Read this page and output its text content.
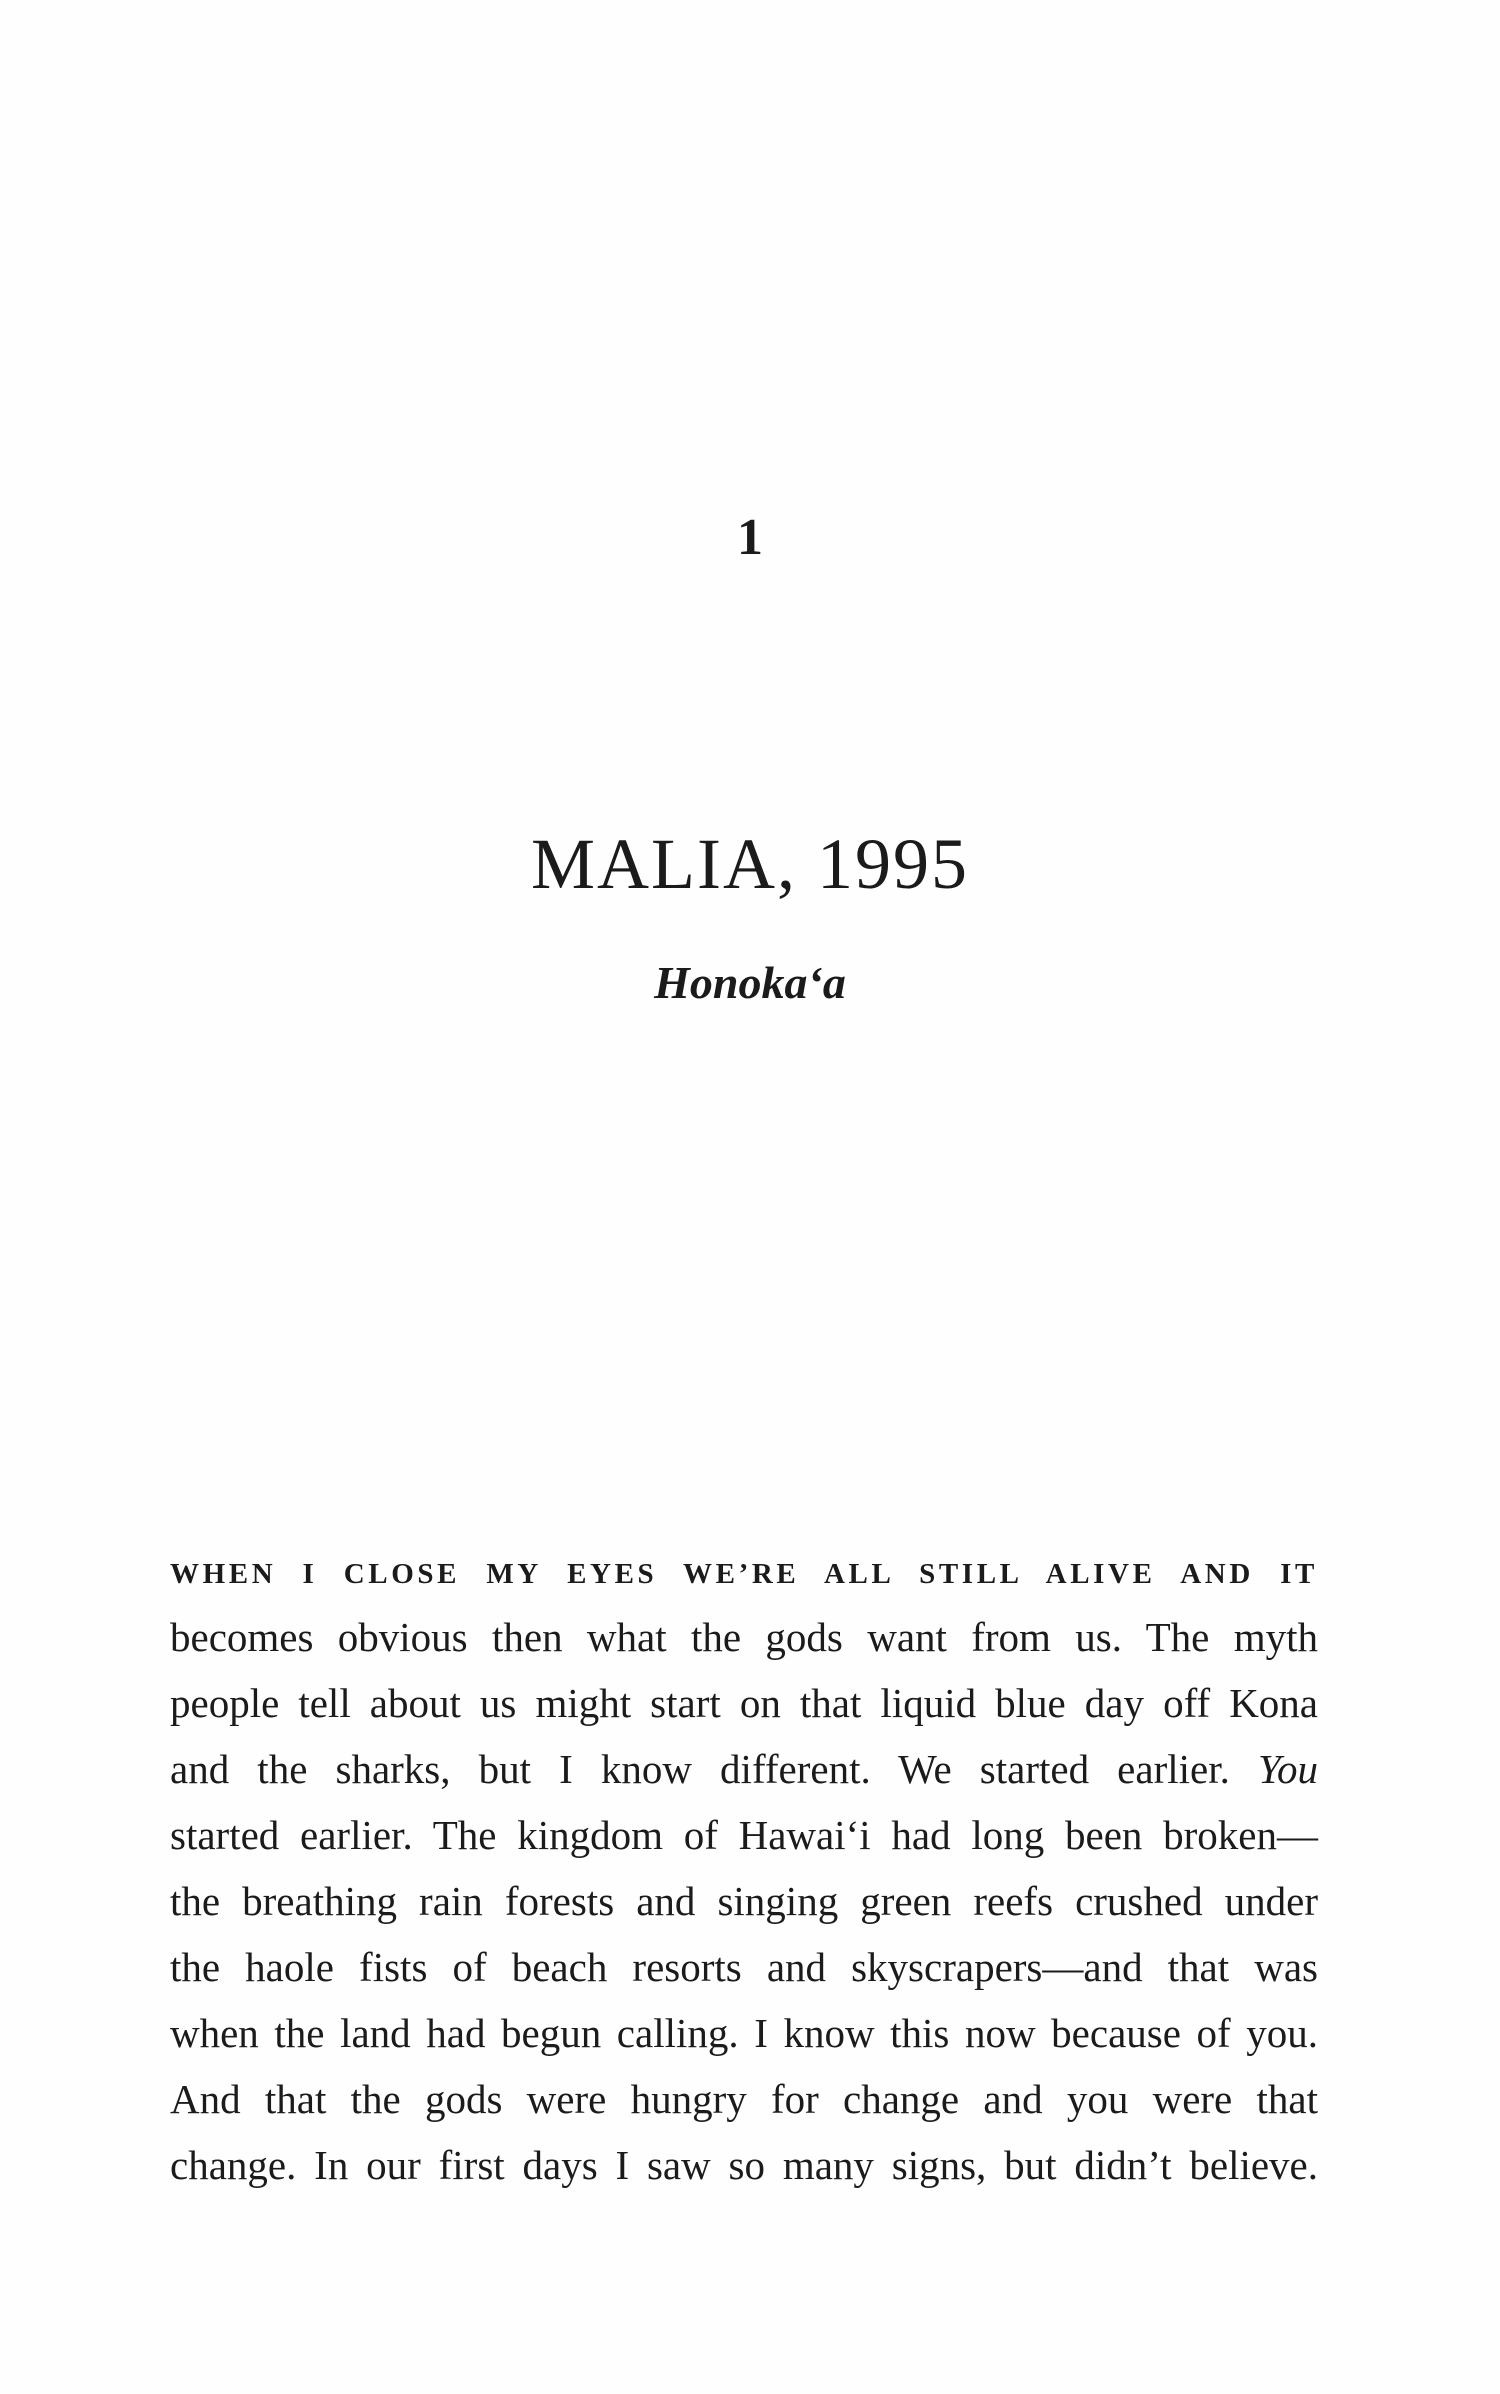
1
MALIA, 1995
Honoka‘a
WHEN I CLOSE MY EYES WE’RE ALL STILL ALIVE AND IT
becomes obvious then what the gods want from us. The myth
people tell about us might start on that liquid blue day off Kona
and the sharks, but I know different. We started earlier. You
started earlier. The kingdom of Hawai‘i had long been broken—
the breathing rain forests and singing green reefs crushed under
the haole fists of beach resorts and skyscrapers—and that was
when the land had begun calling. I know this now because of you.
And that the gods were hungry for change and you were that
change. In our first days I saw so many signs, but didn’t believe.
